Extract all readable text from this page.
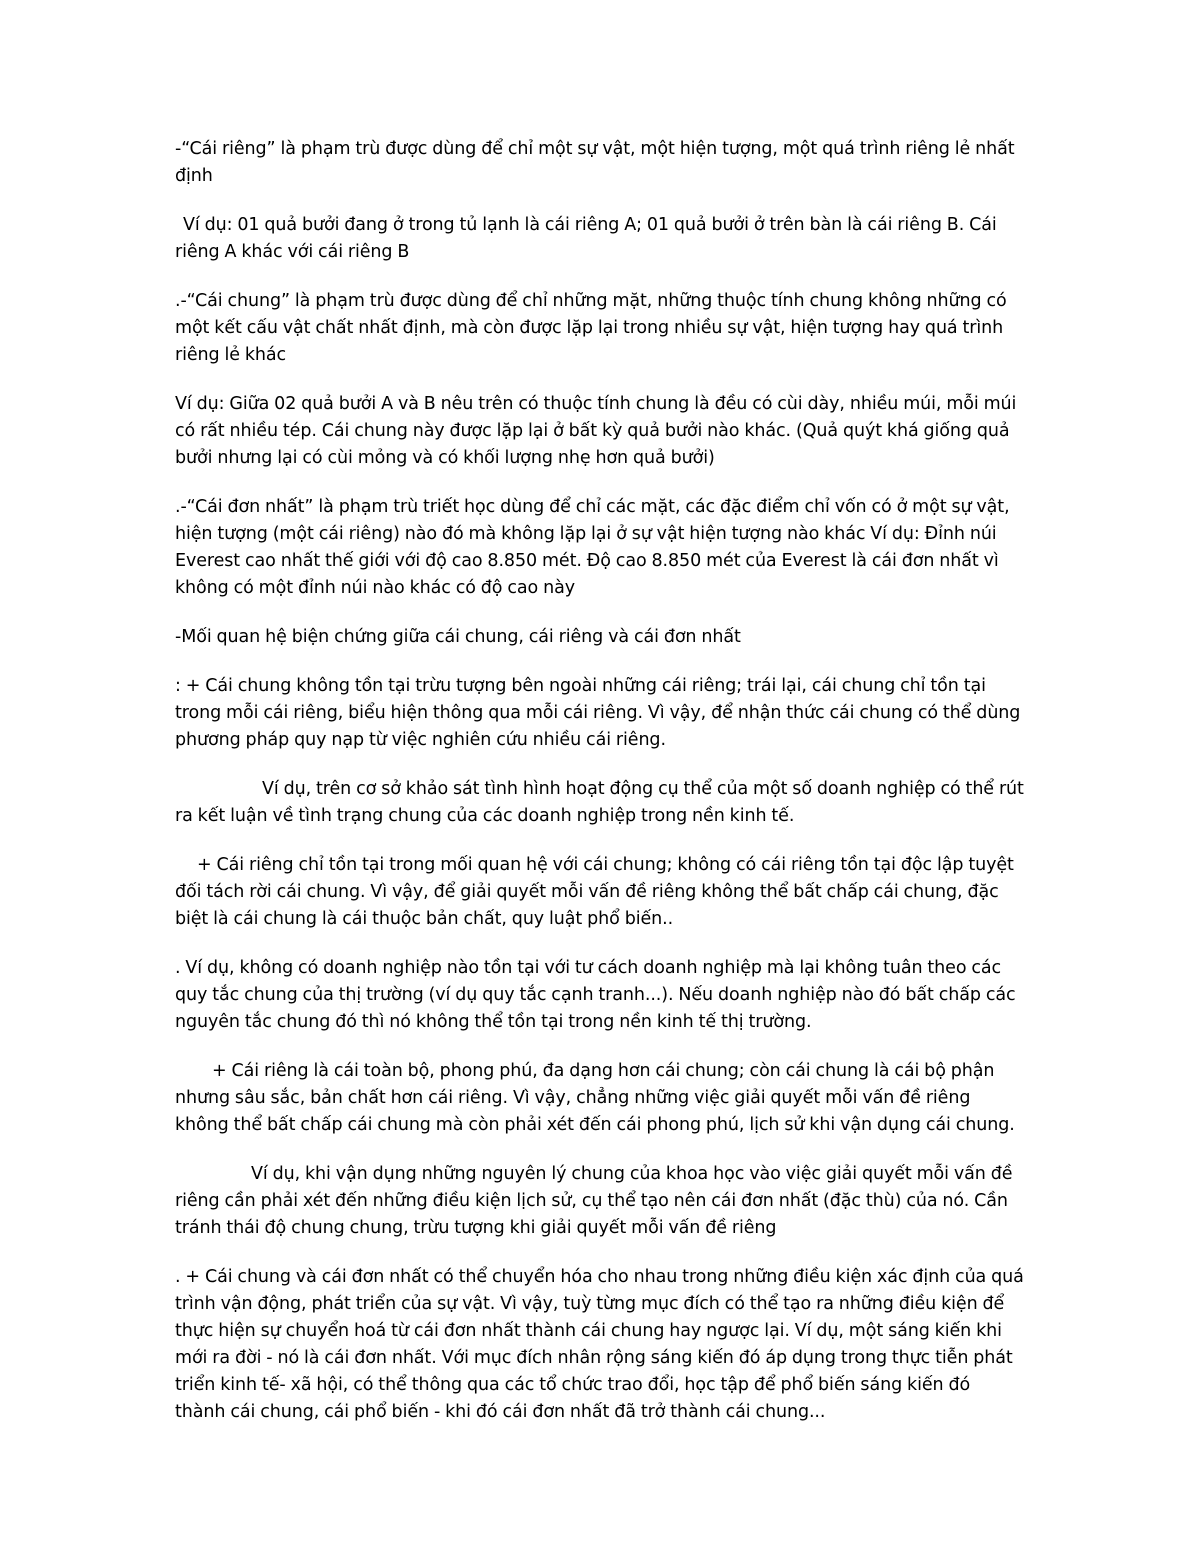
-“Cái riêng” là phạm trù được dùng để chỉ một sự vật, một hiện tượng, một quá trình riêng lẻ nhất định

Ví dụ: 01 quả bưởi đang ở trong tủ lạnh là cái riêng A; 01 quả bưởi ở trên bàn là cái riêng B. Cái riêng A khác với cái riêng B

.-“Cái chung” là phạm trù được dùng để chỉ những mặt, những thuộc tính chung không những có một kết cấu vật chất nhất định, mà còn được lặp lại trong nhiều sự vật, hiện tượng hay quá trình riêng lẻ khác

Ví dụ: Giữa 02 quả bưởi A và B nêu trên có thuộc tính chung là đều có cùi dày, nhiều múi, mỗi múi có rất nhiều tép. Cái chung này được lặp lại ở bất kỳ quả bưởi nào khác. (Quả quýt khá giống quả bưởi nhưng lại có cùi mỏng và có khối lượng nhẹ hơn quả bưởi)

.-“Cái đơn nhất” là phạm trù triết học dùng để chỉ các mặt, các đặc điểm chỉ vốn có ở một sự vật, hiện tượng (một cái riêng) nào đó mà không lặp lại ở sự vật hiện tượng nào khác Ví dụ: Đỉnh núi Everest cao nhất thế giới với độ cao 8.850 mét. Độ cao 8.850 mét của Everest là cái đơn nhất vì không có một đỉnh núi nào khác có độ cao này

-Mối quan hệ biện chứng giữa cái chung, cái riêng và cái đơn nhất

: + Cái chung không tồn tại trừu tượng bên ngoài những cái riêng; trái lại, cái chung chỉ tồn tại trong mỗi cái riêng, biểu hiện thông qua mỗi cái riêng. Vì vậy, để nhận thức cái chung có thể dùng phương pháp quy nạp từ việc nghiên cứu nhiều cái riêng.

Ví dụ, trên cơ sở khảo sát tình hình hoạt động cụ thể của một số doanh nghiệp có thể rút ra kết luận về tình trạng chung của các doanh nghiệp trong nền kinh tế.

+ Cái riêng chỉ tồn tại trong mối quan hệ với cái chung; không có cái riêng tồn tại độc lập tuyệt đối tách rời cái chung. Vì vậy, để giải quyết mỗi vấn đề riêng không thể bất chấp cái chung, đặc biệt là cái chung là cái thuộc bản chất, quy luật phổ biến..

. Ví dụ, không có doanh nghiệp nào tồn tại với tư cách doanh nghiệp mà lại không tuân theo các quy tắc chung của thị trường (ví dụ quy tắc cạnh tranh...). Nếu doanh nghiệp nào đó bất chấp các nguyên tắc chung đó thì nó không thể tồn tại trong nền kinh tế thị trường.

+ Cái riêng là cái toàn bộ, phong phú, đa dạng hơn cái chung; còn cái chung là cái bộ phận nhưng sâu sắc, bản chất hơn cái riêng. Vì vậy, chẳng những việc giải quyết mỗi vấn đề riêng không thể bất chấp cái chung mà còn phải xét đến cái phong phú, lịch sử khi vận dụng cái chung.

Ví dụ, khi vận dụng những nguyên lý chung của khoa học vào việc giải quyết mỗi vấn đề riêng cần phải xét đến những điều kiện lịch sử, cụ thể tạo nên cái đơn nhất (đặc thù) của nó. Cần tránh thái độ chung chung, trừu tượng khi giải quyết mỗi vấn đề riêng

. + Cái chung và cái đơn nhất có thể chuyển hóa cho nhau trong những điều kiện xác định của quá trình vận động, phát triển của sự vật. Vì vậy, tuỳ từng mục đích có thể tạo ra những điều kiện để thực hiện sự chuyển hoá từ cái đơn nhất thành cái chung hay ngược lại. Ví dụ, một sáng kiến khi mới ra đời - nó là cái đơn nhất. Với mục đích nhân rộng sáng kiến đó áp dụng trong thực tiễn phát triển kinh tế- xã hội, có thể thông qua các tổ chức trao đổi, học tập để phổ biến sáng kiến đó thành cái chung, cái phổ biến - khi đó cái đơn nhất đã trở thành cái chung...
